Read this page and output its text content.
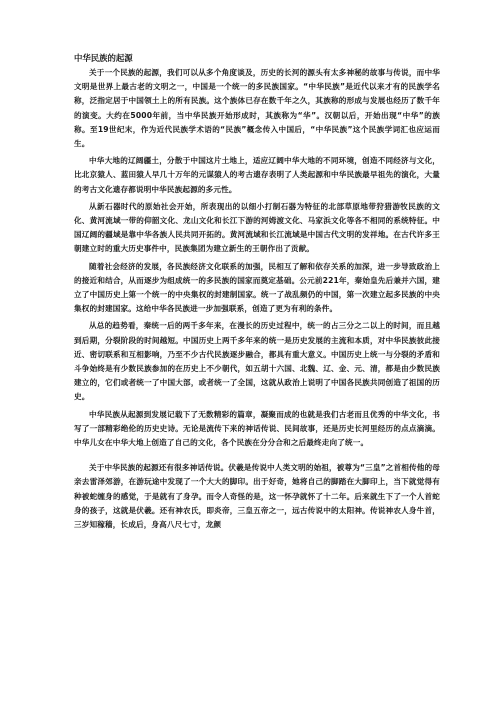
中华民族的起源

关于一个民族的起源，我们可以从多个角度谈及，历史的长河的源头有太多神秘的故事与传说，而中华文明是世界上最古老的文明之一，中国是一个统一的多民族国家。“中华民族”是近代以来才有的民族学名称，泛指定居于中国领土上的所有民族。这个族体已存在数千年之久，其族称的形成与发展也经历了数千年的演变。大约在5000年前，当中华民族开始形成时，其族称为“华”。汉朝以后，开始出现“中华”的族称。至19世纪末，作为近代民族学术语的“民族”概念传入中国后，“中华民族”这个民族学词汇也应运而生。

中华大地的辽阔疆土，分散于中国这片土地上，适应辽阔中华大地的不同环境，创造不同经济与文化，比北京猿人、蓝田猿人早几十万年的元谋猿人的考古遗存表明了人类起源和中华民族最早祖先的演化，大量的考古文化遗存都说明中华民族起源的多元性。

从新石器时代的原始社会开始，所表现出的以细小打制石器为特征的北部草原地带狩猎游牧民族的文化、黄河流域一带的仰韶文化、龙山文化和长江下游的河姆渡文化、马家浜文化等各不相同的系统特征。中国辽阔的疆域是靠中华各族人民共同开拓的。黄河流域和长江流域是中国古代文明的发祥地。在古代许多王朝建立时的重大历史事件中，民族集团为建立新生的王朝作出了贡献。

随着社会经济的发展，各民族经济文化联系的加强，民相互了解和依存关系的加深，进一步导致政治上的接近和结合，从而逐步为组成统一的多民族的国家而奠定基础。公元前221年，秦始皇先后兼并六国，建立了中国历史上第一个统一的中央集权的封建制国家。统一了战乱频仍的中国，第一次建立起多民族的中央集权的封建国家。这给中华各民族进一步加强联系，创造了更为有利的条件。

从总的趋势看，秦统一后的两千多年来，在漫长的历史过程中，统一的占三分之二以上的时间，而且越到后期，分裂阶段的时间越短。中国历史上两千多年来的统一是历史发展的主流和本质，对中华民族彼此接近、密切联系和互相影响，乃至不少古代民族逐步融合，都具有重大意义。中国历史上统一与分裂的矛盾和斗争始终是有少数民族参加的在历史上不少朝代，如五胡十六国、北魏、辽、金、元、清，都是由少数民族建立的，它们或者统一了中国大部，或者统一了全国，这就从政治上说明了中国各民族共同创造了祖国的历史。

中华民族从起源到发展记载下了无数精彩的篇章，凝聚而成的也就是我们古老而且优秀的中华文化，书写了一部精彩绝伦的历史史诗。无论是流传下来的神话传说、民间故事，还是历史长河里经历的点点滴滴。中华儿女在中华大地上创造了自己的文化，各个民族在分分合和之后最终走向了统一。

关于中华民族的起源还有很多神话传说。伏羲是传说中人类文明的始祖，被尊为“三皇”之首相传他的母亲去雷泽郊游，在游玩途中发现了一个大大的脚印。出于好奇，她将自己的脚踏在大脚印上，当下就觉得有种被蛇缠身的感觉，于是就有了身孕。而令人奇怪的是，这一怀孕就怀了十二年。后来就生下了一个人首蛇身的孩子，这就是伏羲。还有神农氏，即炎帝，三皇五帝之一，远古传说中的太阳神。传说神农人身牛首，三岁知稼穑，长成后，身高八尺七寸，龙颜
